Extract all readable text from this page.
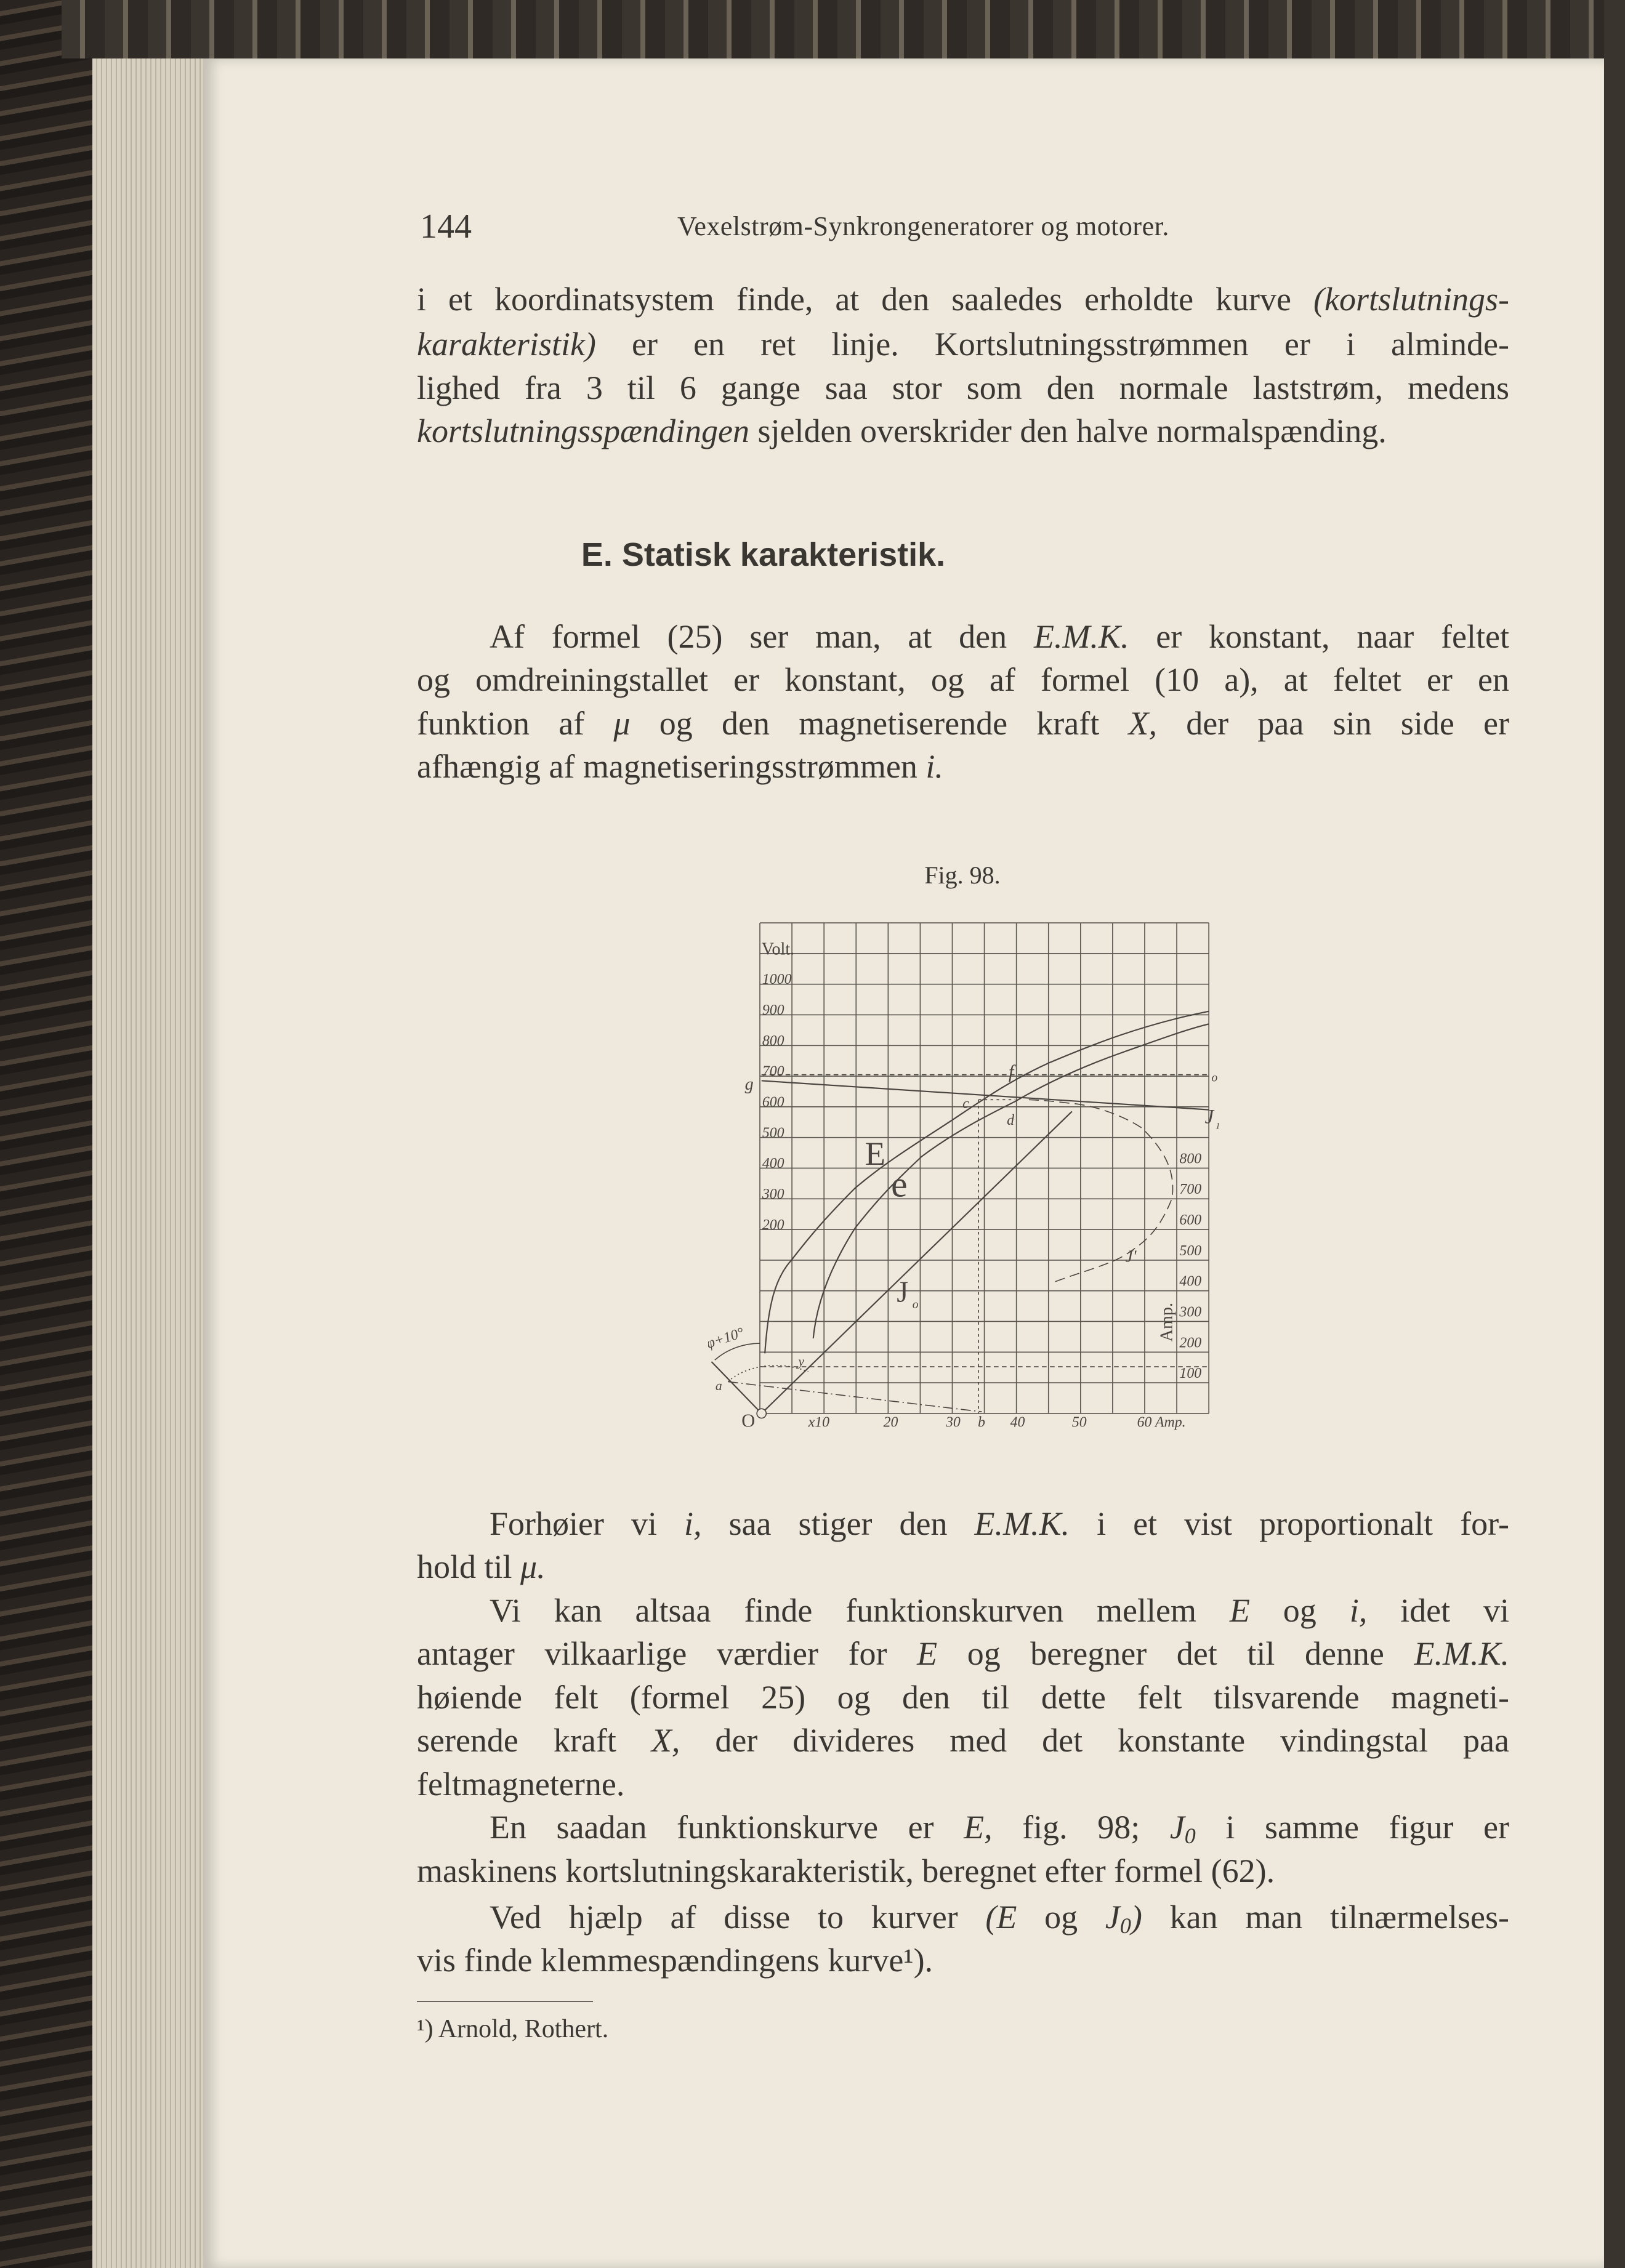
144	Vexelstrøm-Synkrongeneratorer og motorer.
i et koordinatsystem finde, at den saaledes erholdte kurve (kortslutnings-
karakteristik) er en ret linje. Kortslutningsstrømmen er i alminde-
lighed fra 3 til 6 gange saa stor som den normale laststrøm, medens
kortslutningsspændingen sjelden overskrider den halve normalspænding.
E. Statisk karakteristik.
Af formel (25) ser man, at den E.M.K. er konstant, naar feltet
og omdreiningstallet er konstant, og af formel (10 a), at feltet er en
funktion af μ og den magnetiserende kraft X, der paa sin side er
afhængig af magnetiseringsstrømmen i.
Fig. 98.
1000
900
800
700
600
500
400
300
200
800
700
600
500
400
300
200
100
x10 20 30 b 40 50 60 Amp.
Volt.
g	o
f
c
d	J 1
E
e
J o
J'
φ+10°
a
y
O
Amp.
Forhøier vi i, saa stiger den E.M.K. i et vist proportionalt for-
hold til μ.
Vi kan altsaa finde funktionskurven mellem E og i, idet vi
antager vilkaarlige værdier for E og beregner det til denne E.M.K.
høiende felt (formel 25) og den til dette felt tilsvarende magneti-
serende kraft X, der divideres med det konstante vindingstal paa
feltmagneterne.
En saadan funktionskurve er E, fig. 98; J0 i samme figur er
maskinens kortslutningskarakteristik, beregnet efter formel (62).
Ved hjælp af disse to kurver (E og J0) kan man tilnærmelses-
vis finde klemmespændingens kurve¹).
¹) Arnold, Rothert.
